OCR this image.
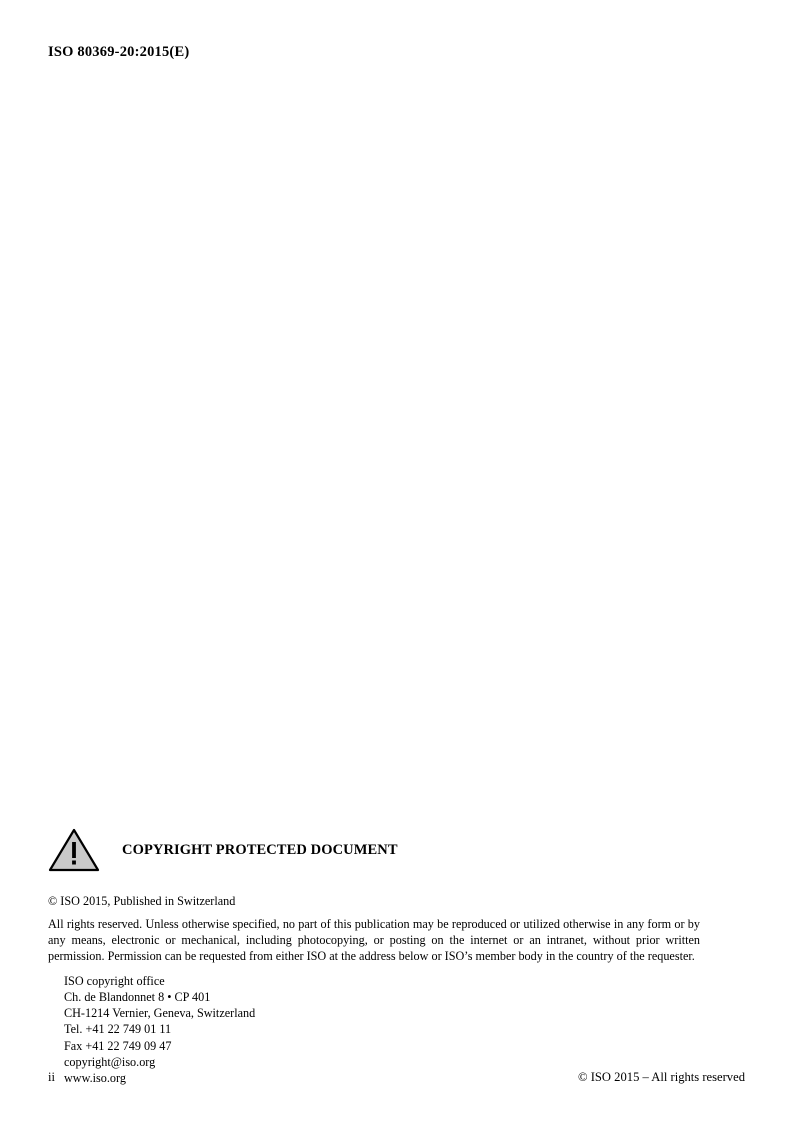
ISO 80369-20:2015(E)
COPYRIGHT PROTECTED DOCUMENT
© ISO 2015, Published in Switzerland
All rights reserved. Unless otherwise specified, no part of this publication may be reproduced or utilized otherwise in any form or by any means, electronic or mechanical, including photocopying, or posting on the internet or an intranet, without prior written permission. Permission can be requested from either ISO at the address below or ISO’s member body in the country of the requester.
ISO copyright office
Ch. de Blandonnet 8 • CP 401
CH-1214 Vernier, Geneva, Switzerland
Tel. +41 22 749 01 11
Fax +41 22 749 09 47
copyright@iso.org
www.iso.org
ii	© ISO 2015 – All rights reserved
